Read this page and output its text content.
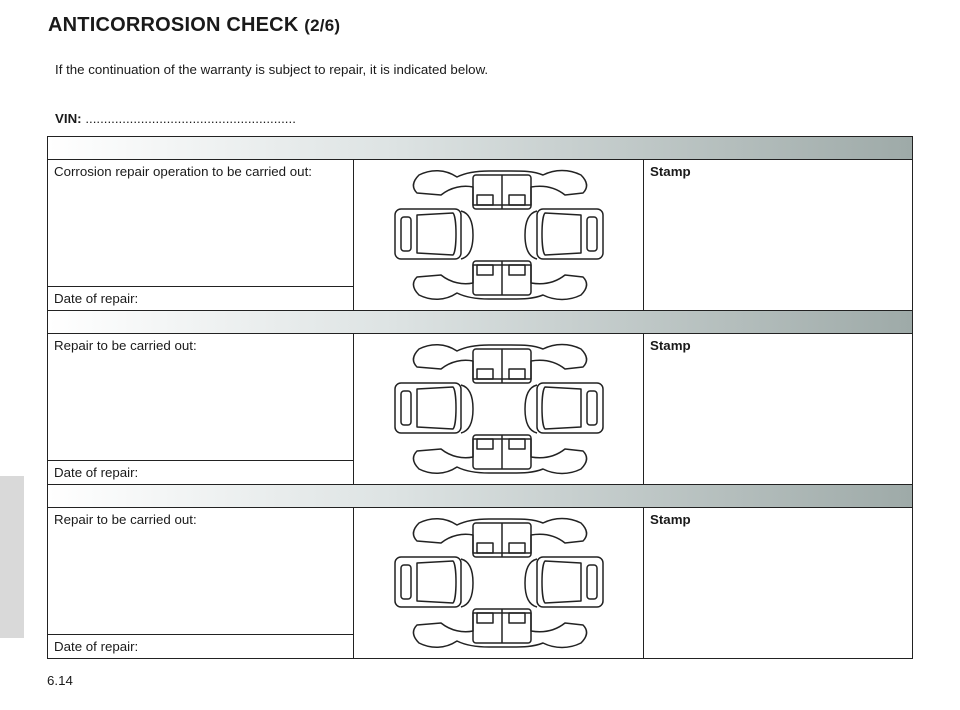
ANTICORROSION CHECK (2/6)
If the continuation of the warranty is subject to repair, it is indicated below.
VIN: .........................................................
Corrosion repair operation to be carried out:
Date of repair:
Stamp
Repair to be carried out:
Date of repair:
Stamp
Repair to be carried out:
Date of repair:
Stamp
6.14
